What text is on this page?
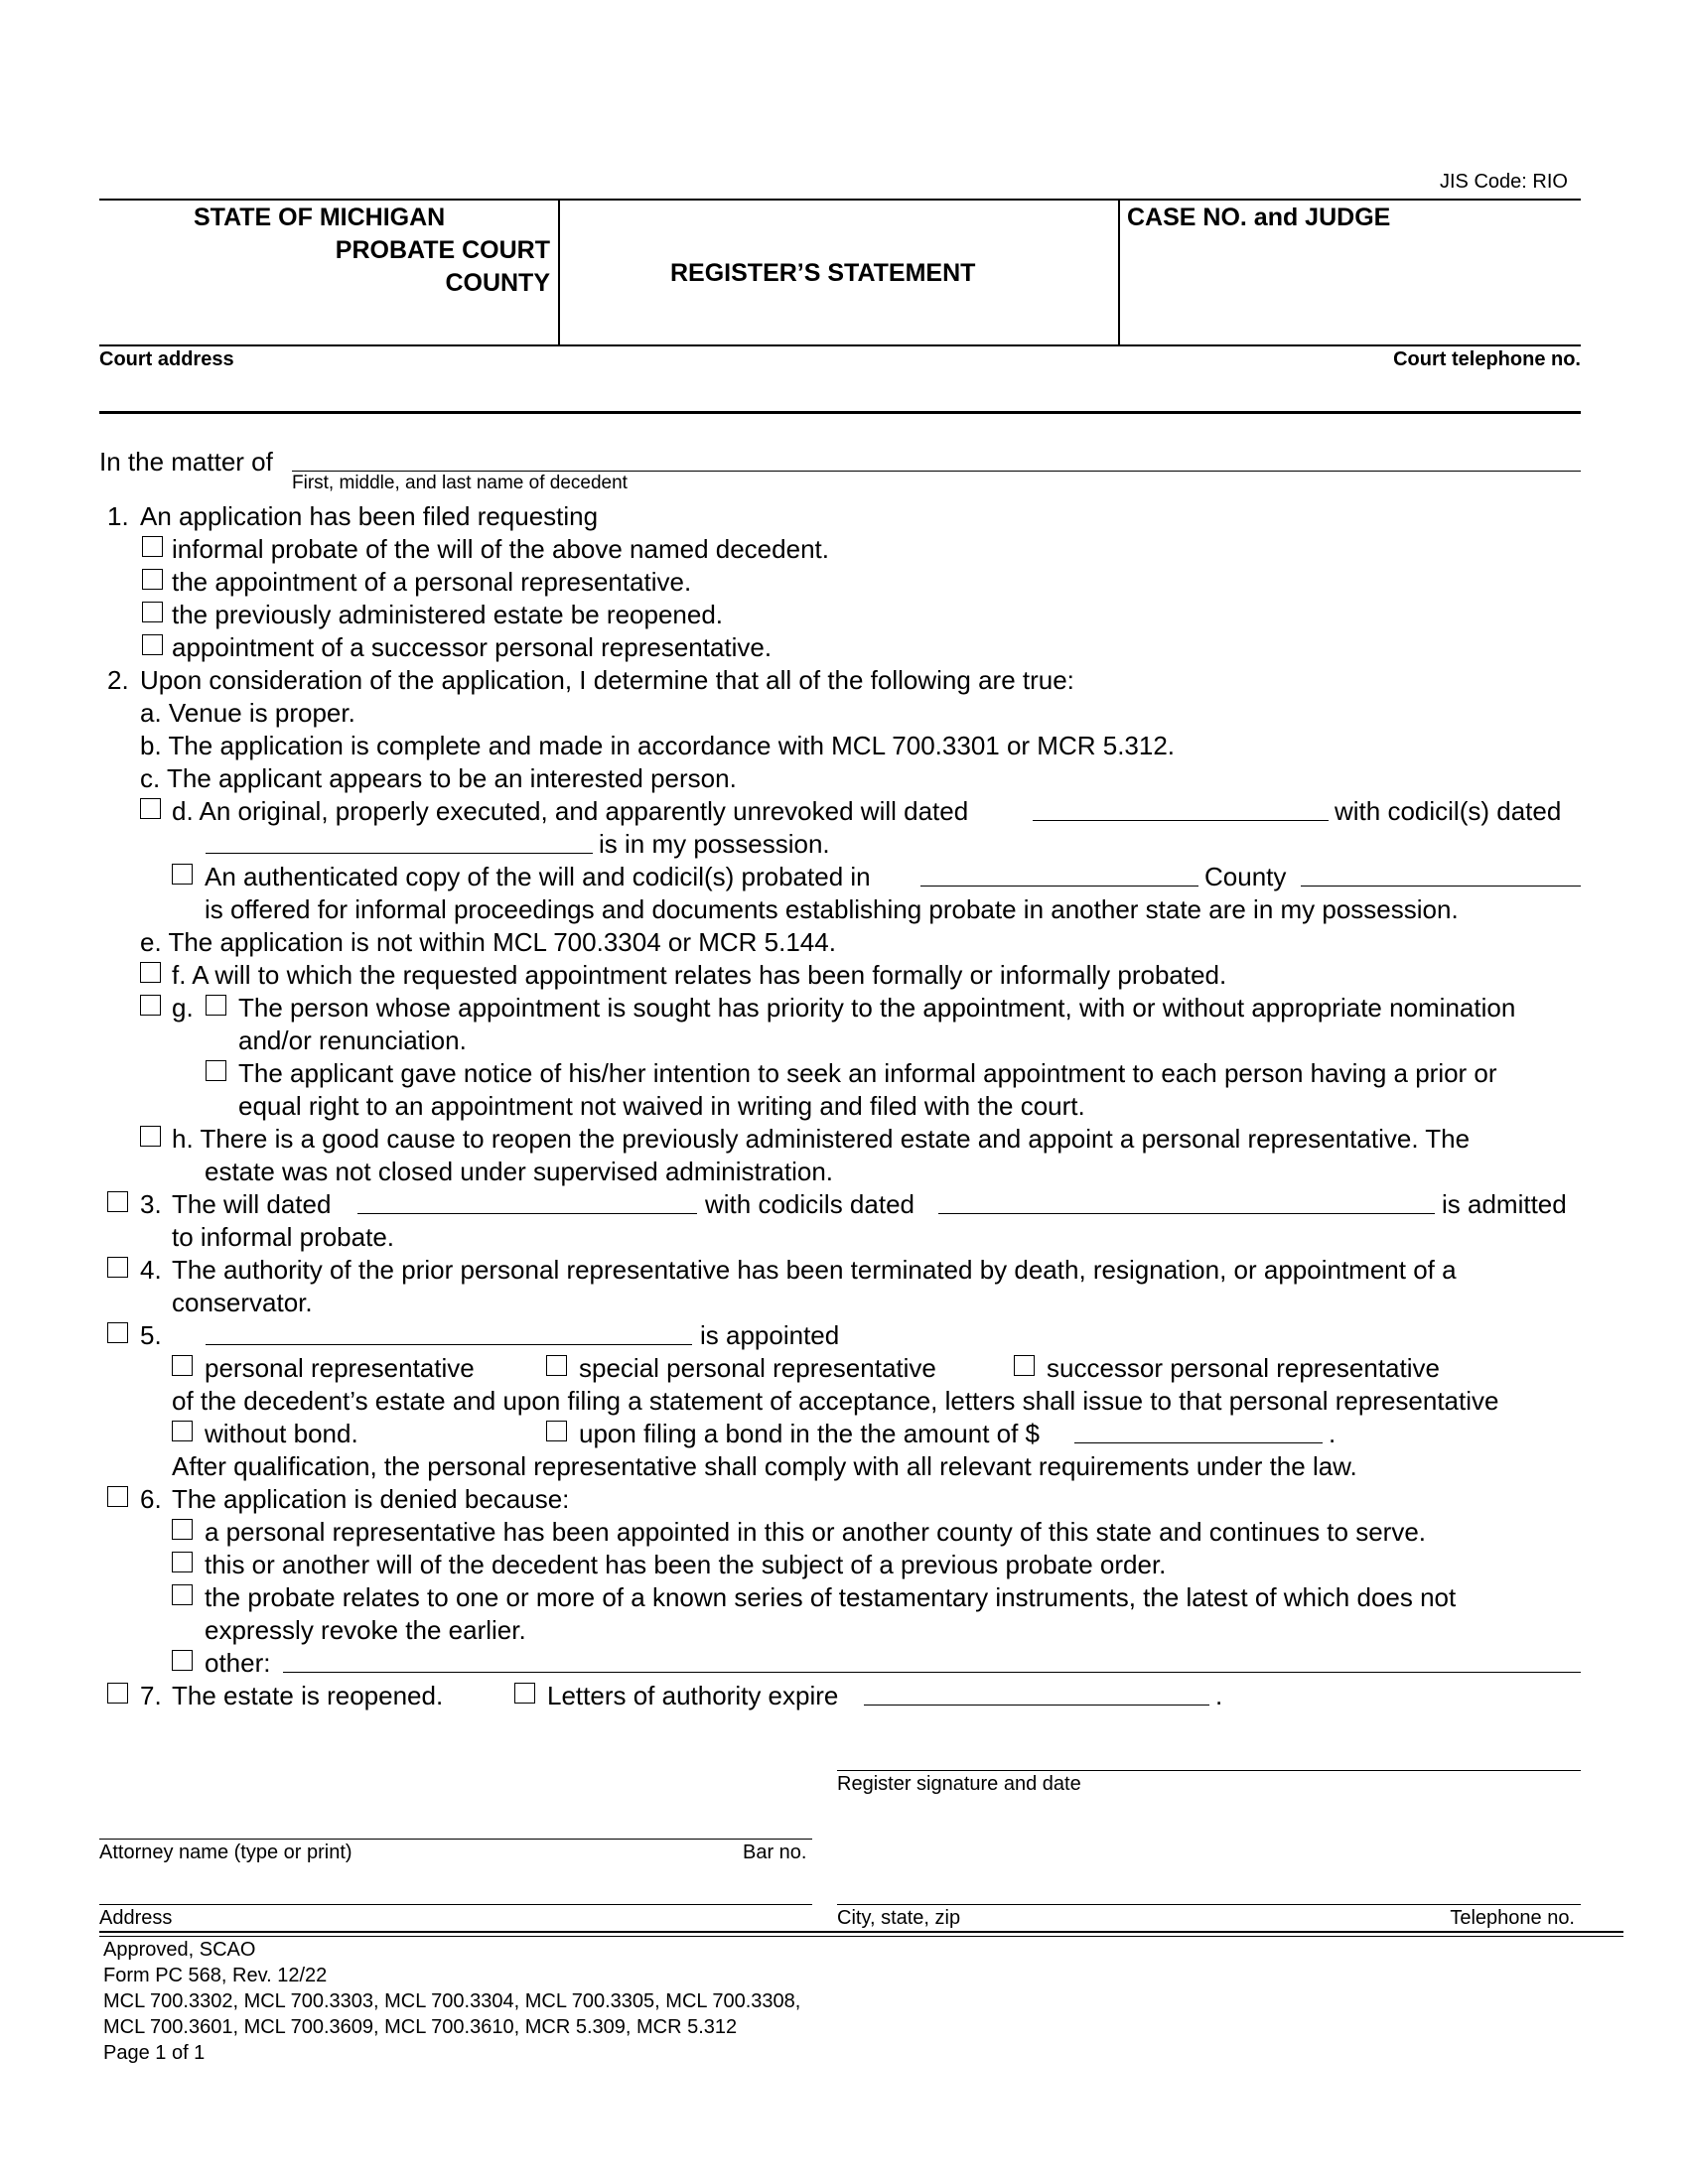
JIS Code: RIO
STATE OF MICHIGAN
PROBATE COURT
COUNTY	REGISTER’S STATEMENT
CASE NO. and JUDGE
Court address	Court telephone no.
In the matter of
First, middle, and last name of decedent
1. An application has been filed requesting
informal probate of the will of the above named decedent.
the appointment of a personal representative.
the previously administered estate be reopened.
appointment of a successor personal representative.
2. Upon consideration of the application, I determine that all of the following are true:
a. Venue is proper.
b. The application is complete and made in accordance with MCL 700.3301 or MCR 5.312.
c. The applicant appears to be an interested person.
d. An original, properly executed, and apparently unrevoked will dated	with codicil(s) dated
is in my possession.
An authenticated copy of the will and codicil(s) probated in	County
is offered for informal proceedings and documents establishing probate in another state are in my possession.
e. The application is not within MCL 700.3304 or MCR 5.144.
f. A will to which the requested appointment relates has been formally or informally probated.
g. The person whose appointment is sought has priority to the appointment, with or without appropriate nomination
and/or renunciation.
The applicant gave notice of his/her intention to seek an informal appointment to each person having a prior or
equal right to an appointment not waived in writing and filed with the court.
h. There is a good cause to reopen the previously administered estate and appoint a personal representative. The
estate was not closed under supervised administration.
3. The will dated	with codicils dated	is admitted
to informal probate.
4. The authority of the prior personal representative has been terminated by death, resignation, or appointment of a
conservator.
5.	is appointed
personal representative	special personal representative	successor personal representative
of the decedent’s estate and upon filing a statement of acceptance, letters shall issue to that personal representative
without bond.	upon filing a bond in the the amount of $	.
After qualification, the personal representative shall comply with all relevant requirements under the law.
6. The application is denied because:
a personal representative has been appointed in this or another county of this state and continues to serve.
this or another will of the decedent has been the subject of a previous probate order.
the probate relates to one or more of a known series of testamentary instruments, the latest of which does not
expressly revoke the earlier.
other:
7. The estate is reopened.	Letters of authority expire	.
Register signature and date
Attorney name (type or print)	Bar no.
Address	City, state, zip	Telephone no.
Approved, SCAO
Form PC 568, Rev. 12/22
MCL 700.3302, MCL 700.3303, MCL 700.3304, MCL 700.3305, MCL 700.3308,
MCL 700.3601, MCL 700.3609, MCL 700.3610, MCR 5.309, MCR 5.312
Page 1 of 1
